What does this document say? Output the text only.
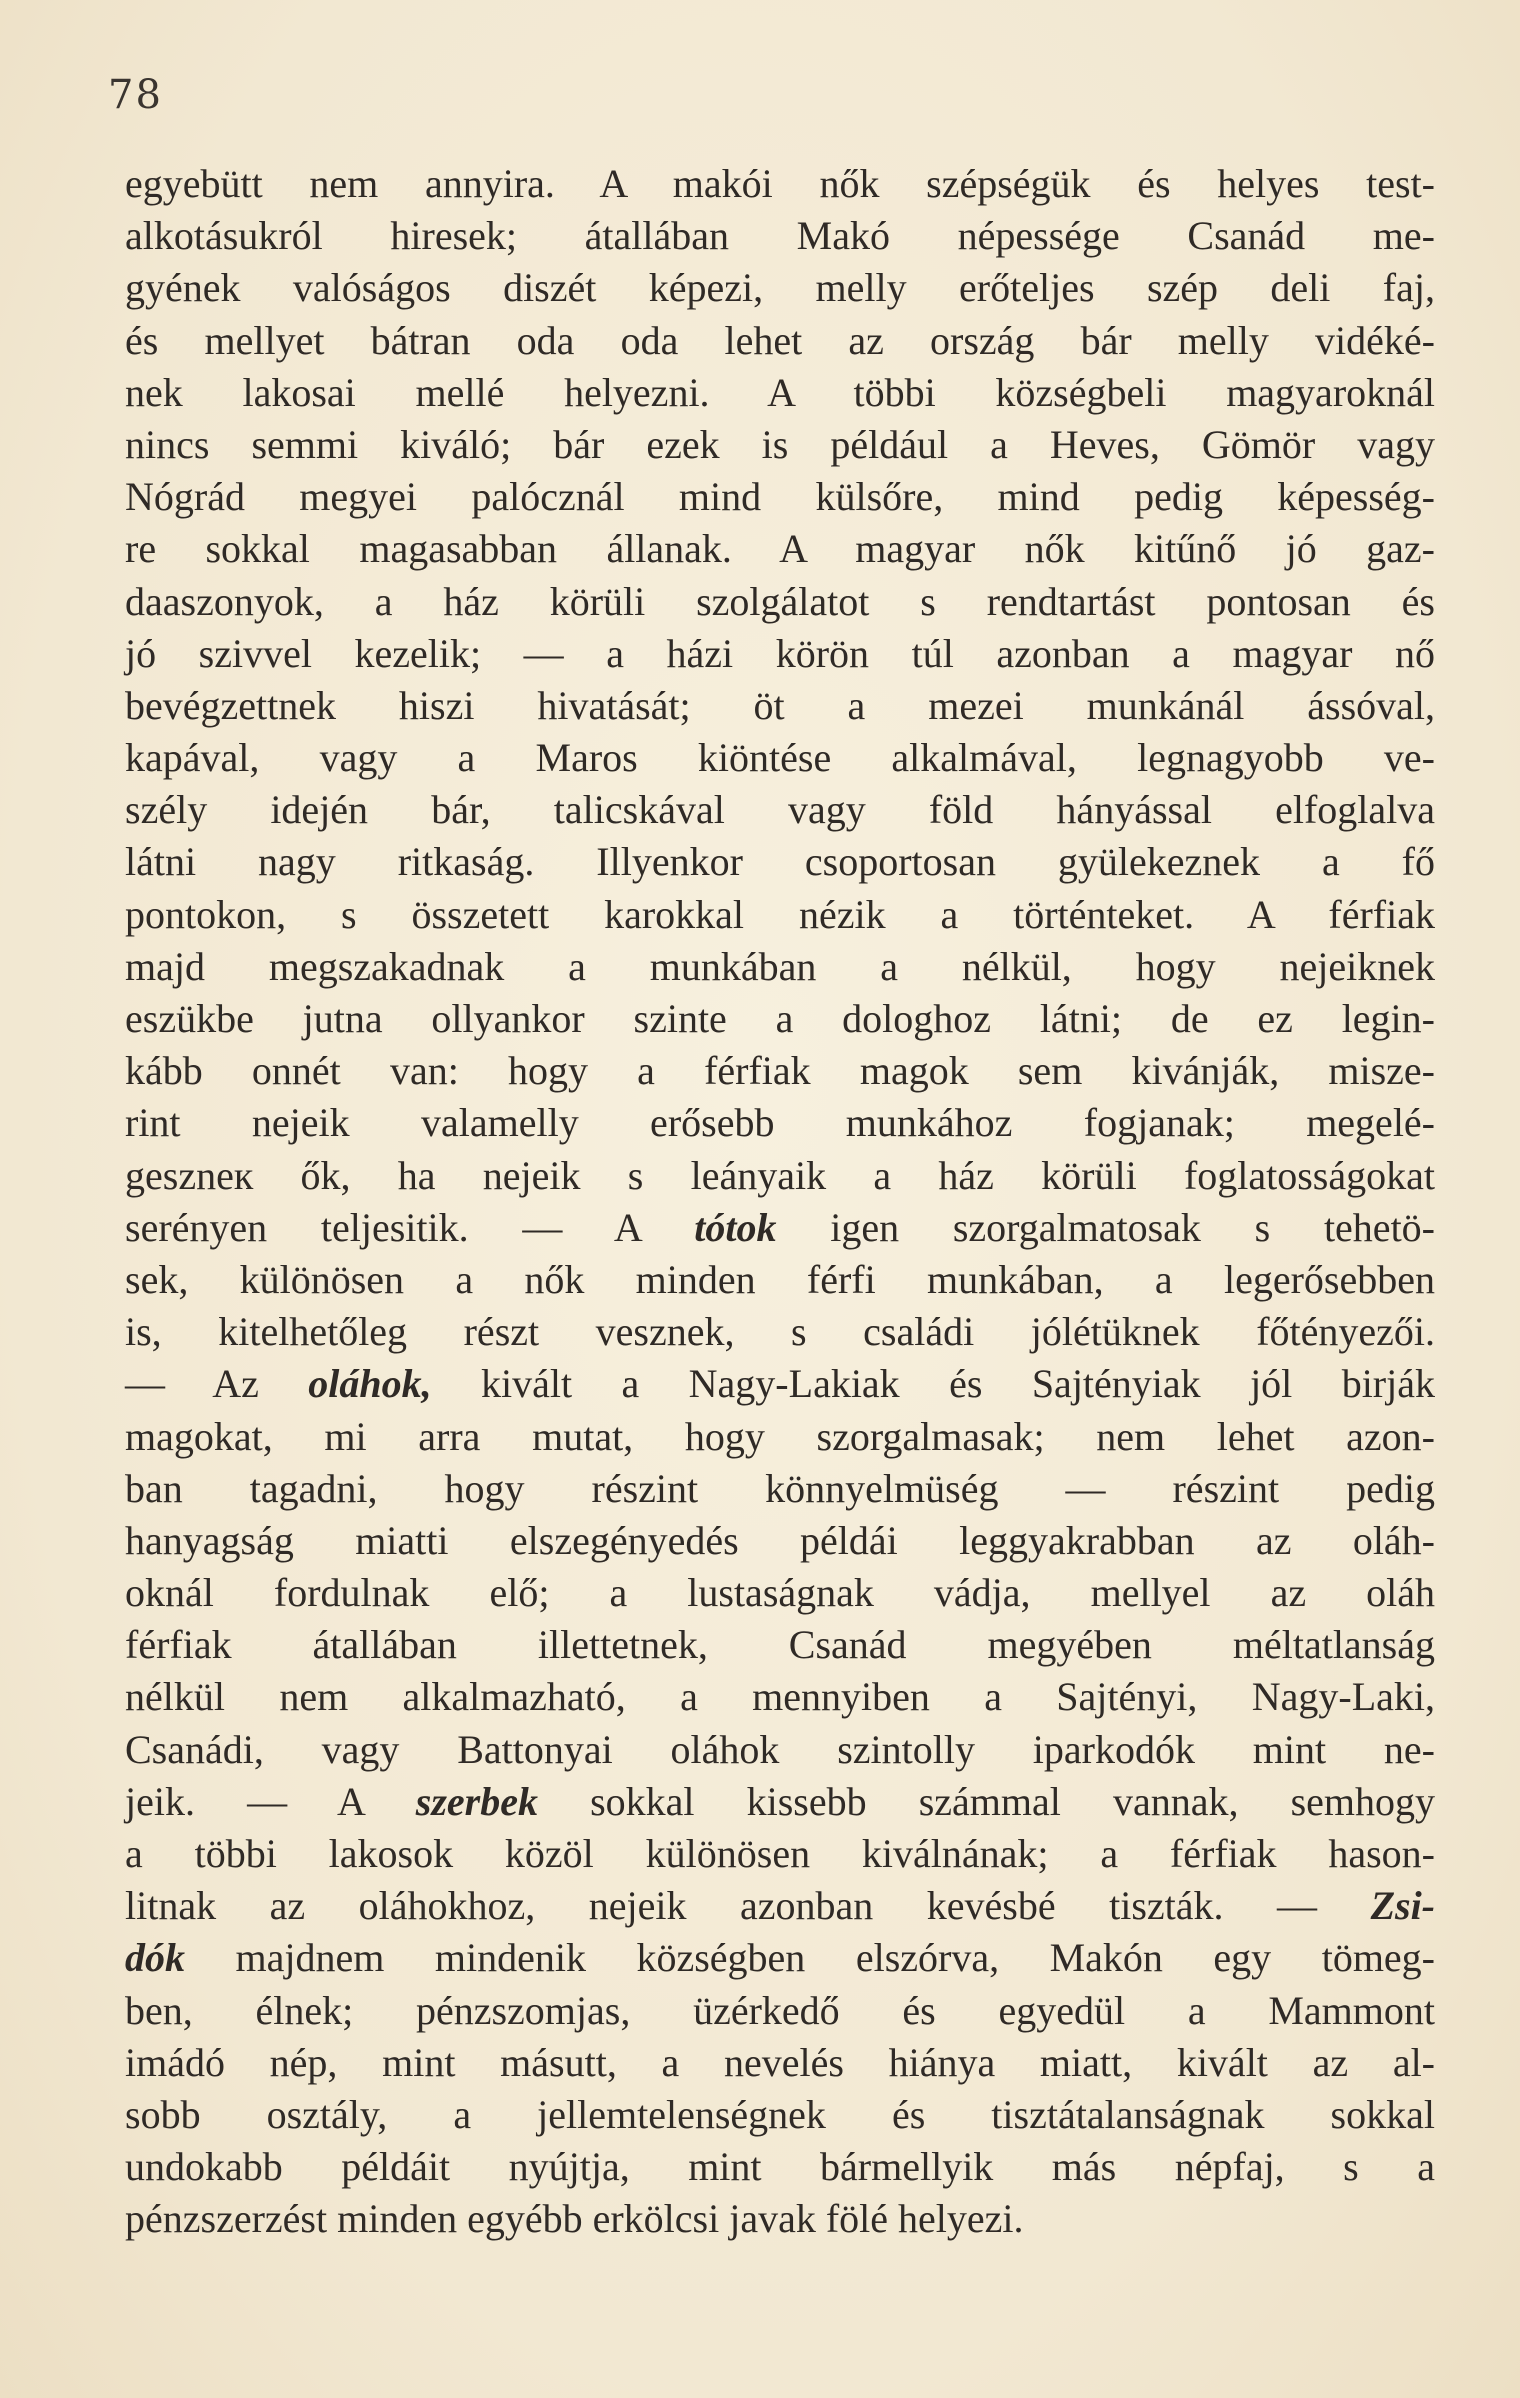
78
egyebütt nem annyira. A makói nők szépségük és helyes test-
alkotásukról hiresek; átallában Makó népessége Csanád me-
gyének valóságos diszét képezi, melly erőteljes szép deli faj,
és mellyet bátran oda oda lehet az ország bár melly vidéké-
nek lakosai mellé helyezni. A többi községbeli magyaroknál
nincs semmi kiváló; bár ezek is például a Heves, Gömör vagy
Nógrád megyei palócznál mind külsőre, mind pedig képesség-
re sokkal magasabban állanak. A magyar nők kitűnő jó gaz-
daaszonyok, a ház körüli szolgálatot s rendtartást pontosan és
jó szivvel kezelik; — a házi körön túl azonban a magyar nő
bevégzettnek hiszi hivatását; öt a mezei munkánál ássóval,
kapával, vagy a Maros kiöntése alkalmával, legnagyobb ve-
szély idején bár, talicskával vagy föld hányással elfoglalva
látni nagy ritkaság. Illyenkor csoportosan gyülekeznek a fő
pontokon, s összetett karokkal nézik a történteket. A férfiak
majd megszakadnak a munkában a nélkül, hogy nejeiknek
eszükbe jutna ollyankor szinte a dologhoz látni; de ez legin-
kább onnét van: hogy a férfiak magok sem kivánják, misze-
rint nejeik valamelly erősebb munkához fogjanak; megelé-
geszneк ők, ha nejeik s leányaik a ház körüli foglatosságokat
serényen teljesitik. — A tótok igen szorgalmatosak s tehetö-
sek, különösen a nők minden férfi munkában, a legerősebben
is, kitelhetőleg részt vesznek, s családi jólétüknek főtényezői.
— Az oláhok, kivált a Nagy-Lakiak és Sajtényiak jól birják
magokat, mi arra mutat, hogy szorgalmasak; nem lehet azon-
ban tagadni, hogy részint könnyelmüség — részint pedig
hanyagság miatti elszegényedés példái leggyakrabban az oláh-
oknál fordulnak elő; a lustaságnak vádja, mellyel az oláh
férfiak átallában illettetnek, Csanád megyében méltatlanság
nélkül nem alkalmazható, a mennyiben a Sajtényi, Nagy-Laki,
Csanádi, vagy Battonyai oláhok szintolly iparkodók mint ne-
jeik. — A szerbek sokkal kissebb számmal vannak, semhogy
a többi lakosok közöl különösen kiválnának; a férfiak hason-
litnak az oláhokhoz, nejeik azonban kevésbé tiszták. — Zsi-
dók majdnem mindenik községben elszórva, Makón egy tömeg-
ben, élnek; pénzszomjas, üzérkedő és egyedül a Mammont
imádó nép, mint másutt, a nevelés hiánya miatt, kivált az al-
sobb osztály, a jellemtelenségnek és tisztátalanságnak sokkal
undokabb példáit nyújtja, mint bármellyik más népfaj, s a
pénzszerzést minden egyébb erkölcsi javak fölé helyezi.
